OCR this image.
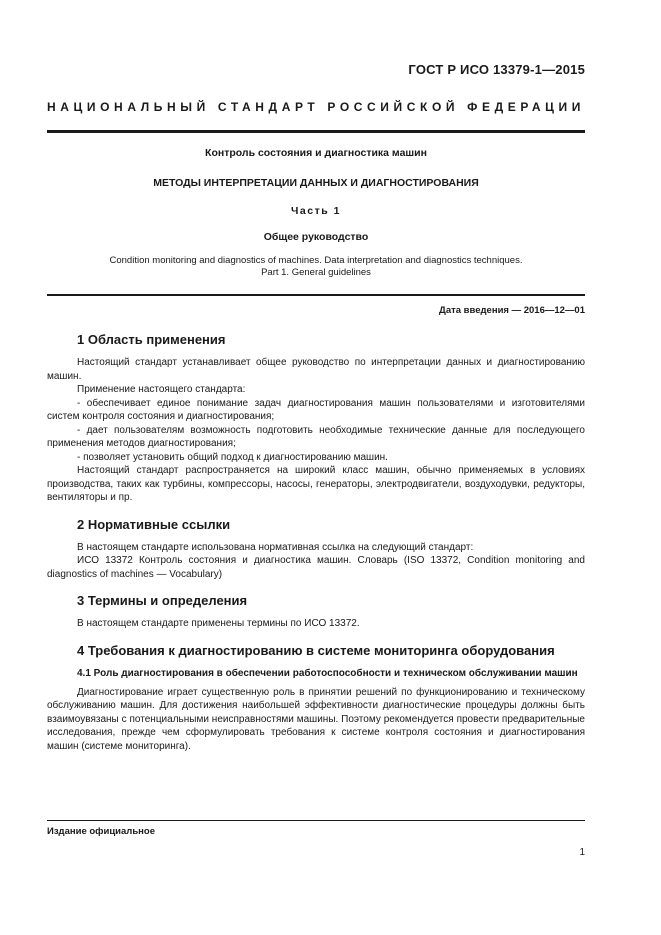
ГОСТ Р ИСО 13379-1—2015
НАЦИОНАЛЬНЫЙ СТАНДАРТ РОССИЙСКОЙ ФЕДЕРАЦИИ
Контроль состояния и диагностика машин
МЕТОДЫ ИНТЕРПРЕТАЦИИ ДАННЫХ И ДИАГНОСТИРОВАНИЯ
Часть 1
Общее руководство
Condition monitoring and diagnostics of machines. Data interpretation and diagnostics techniques.
Part 1. General guidelines
Дата введения — 2016—12—01
1 Область применения

Настоящий стандарт устанавливает общее руководство по интерпретации данных и диагностированию машин.

Применение настоящего стандарта:

- обеспечивает единое понимание задач диагностирования машин пользователями и изготовителями систем контроля состояния и диагностирования;

- дает пользователям возможность подготовить необходимые технические данные для последующего применения методов диагностирования;

- позволяет установить общий подход к диагностированию машин.

Настоящий стандарт распространяется на широкий класс машин, обычно применяемых в условиях производства, таких как турбины, компрессоры, насосы, генераторы, электродвигатели, воздуходувки, редукторы, вентиляторы и пр.

2 Нормативные ссылки

В настоящем стандарте использована нормативная ссылка на следующий стандарт:

ИСО 13372 Контроль состояния и диагностика машин. Словарь (ISO 13372, Condition monitoring and diagnostics of machines — Vocabulary)

3 Термины и определения

В настоящем стандарте применены термины по ИСО 13372.

4 Требования к диагностированию в системе мониторинга оборудования
4.1 Роль диагностирования в обеспечении работоспособности и техническом обслуживании машин

Диагностирование играет существенную роль в принятии решений по функционированию и техническому обслуживанию машин. Для достижения наибольшей эффективности диагностические процедуры должны быть взаимоувязаны с потенциальными неисправностями машины. Поэтому рекомендуется провести предварительные исследования, прежде чем сформулировать требования к системе контроля состояния и диагностирования машин (системе мониторинга).

Издание официальное
1
